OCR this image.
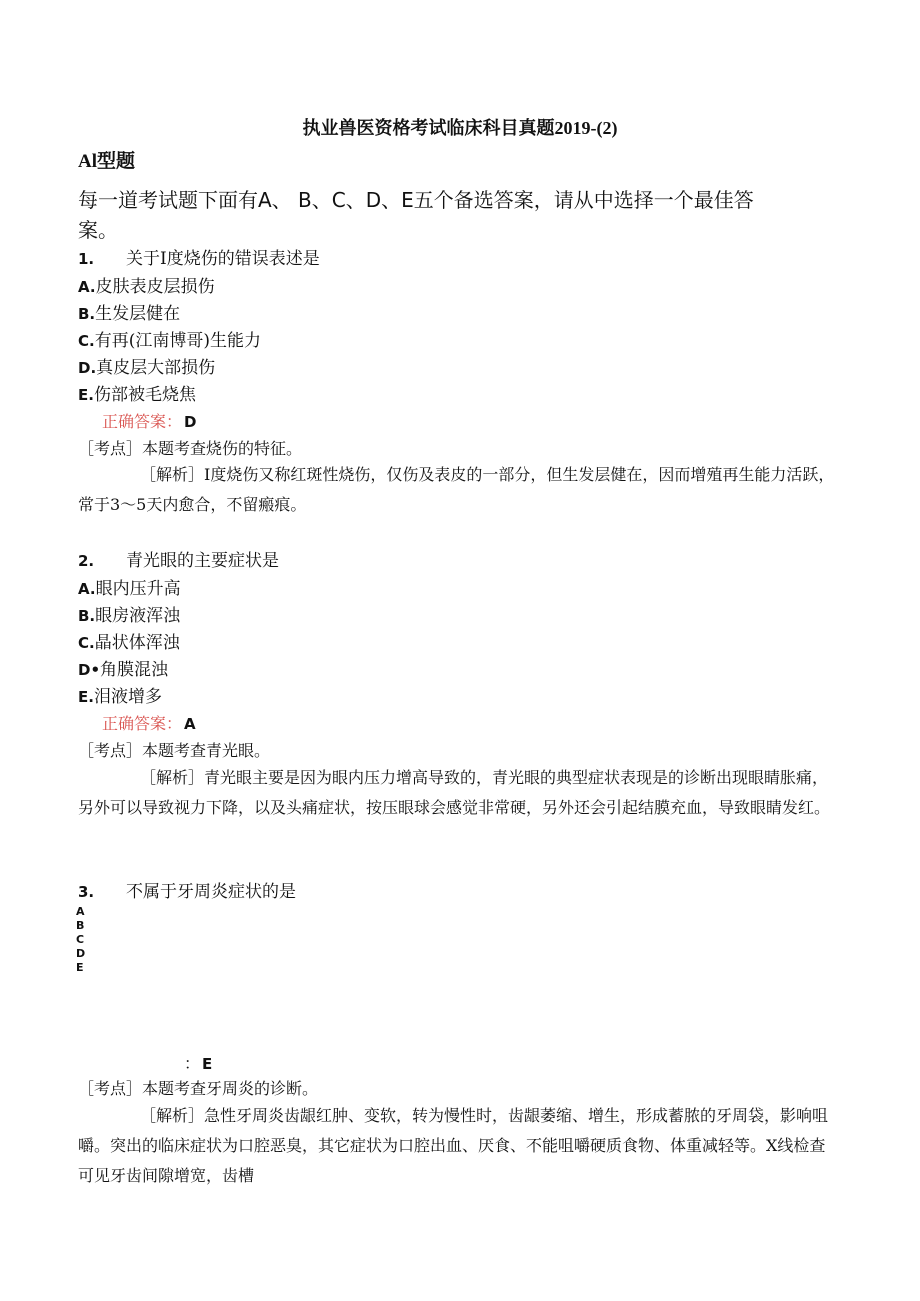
执业兽医资格考试临床科目真题2019-(2)
Al型题
每一道考试题下面有A、 B、C、D、E五个备选答案，请从中选择一个最佳答
案。
1. 关于I度烧伤的错误表述是
A.皮肤表皮层损伤
B.生发层健在
C.有再(江南博哥)生能力
D.真皮层大部损伤
E.伤部被毛烧焦
正确答案： D
［考点］本题考查烧伤的特征。
［解析］I度烧伤又称红斑性烧伤，仅伤及表皮的一部分，但生发层健在，因而增殖再生能力活跃，常于3〜5天内愈合，不留瘢痕。
2. 青光眼的主要症状是
A.眼内压升高
B.眼房液浑浊
C.晶状体浑浊
D•角膜混浊
E.泪液增多
正确答案： A
［考点］本题考查青光眼。
［解析］青光眼主要是因为眼内压力增高导致的，青光眼的典型症状表现是的诊断出现眼睛胀痛，另外可以导致视力下降，以及头痛症状，按压眼球会感觉非常硬，另外还会引起结膜充血，导致眼睛发红。
3. 不属于牙周炎症状的是
ABCDE
： E
［考点］本题考查牙周炎的诊断。
［解析］急性牙周炎齿龈红肿、变软，转为慢性时，齿龈萎缩、增生，形成蓄脓的牙周袋，影响咀嚼。突出的临床症状为口腔恶臭，其它症状为口腔出血、厌食、不能咀嚼硬质食物、体重减轻等。X线检查可见牙齿间隙增宽，齿槽
